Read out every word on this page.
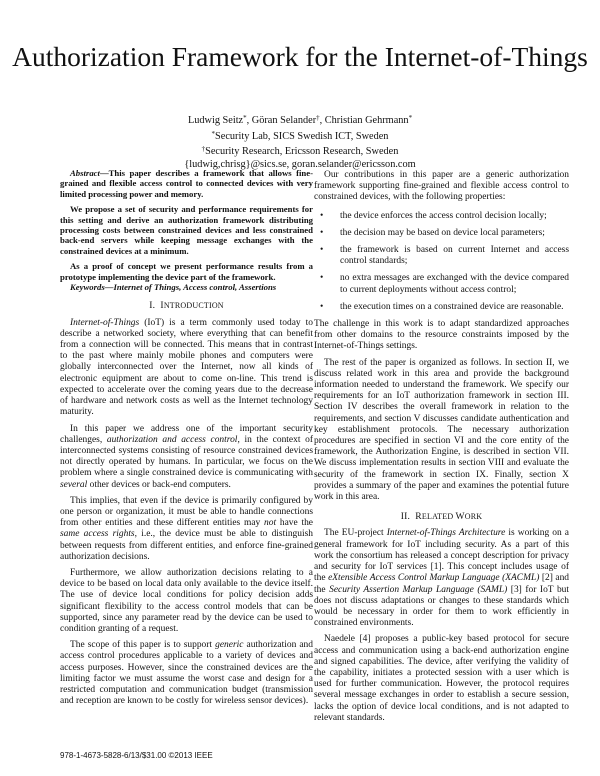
Authorization Framework for the Internet-of-Things
Ludwig Seitz*, Göran Selander†, Christian Gehrmann*
*Security Lab, SICS Swedish ICT, Sweden
†Security Research, Ericsson Research, Sweden
{ludwig,chrisg}@sics.se, goran.selander@ericsson.com

Abstract—This paper describes a framework that allows fine-grained and flexible access control to connected devices with very limited processing power and memory.

We propose a set of security and performance requirements for this setting and derive an authorization framework distributing processing costs between constrained devices and less constrained back-end servers while keeping message exchanges with the constrained devices at a minimum.

As a proof of concept we present performance results from a prototype implementing the device part of the framework.

Keywords—Internet of Things, Access control, Assertions

I. INTRODUCTION

Internet-of-Things (IoT) is a term commonly used today to describe a networked society, where everything that can benefit from a connection will be connected. This means that in contrast to the past where mainly mobile phones and computers were globally interconnected over the Internet, now all kinds of electronic equipment are about to come on-line. This trend is expected to accelerate over the coming years due to the decrease of hardware and network costs as well as the Internet technology maturity.

In this paper we address one of the important security challenges, authorization and access control, in the context of interconnected systems consisting of resource constrained devices not directly operated by humans. In particular, we focus on the problem where a single constrained device is communicating with several other devices or back-end computers.

This implies, that even if the device is primarily configured by one person or organization, it must be able to handle connections from other entities and these different entities may not have the same access rights, i.e., the device must be able to distinguish between requests from different entities, and enforce fine-grained authorization decisions.

Furthermore, we allow authorization decisions relating to a device to be based on local data only available to the device itself. The use of device local conditions for policy decision adds significant flexibility to the access control models that can be supported, since any parameter read by the device can be used to condition granting of a request.

The scope of this paper is to support generic authorization and access control procedures applicable to a variety of devices and access purposes. However, since the constrained devices are the limiting factor we must assume the worst case and design for a restricted computation and communication budget (transmission and reception are known to be costly for wireless sensor devices).

Our contributions in this paper are a generic authorization framework supporting fine-grained and flexible access control to constrained devices, with the following properties:

• the device enforces the access control decision locally;
• the decision may be based on device local parameters;
• the framework is based on current Internet and access control standards;
• no extra messages are exchanged with the device compared to current deployments without access control;
• the execution times on a constrained device are reasonable.

The challenge in this work is to adapt standardized approaches from other domains to the resource constraints imposed by the Internet-of-Things settings.

The rest of the paper is organized as follows. In section II, we discuss related work in this area and provide the background information needed to understand the framework. We specify our requirements for an IoT authorization framework in section III. Section IV describes the overall framework in relation to the requirements, and section V discusses candidate authentication and key establishment protocols. The necessary authorization procedures are specified in section VI and the core entity of the framework, the Authorization Engine, is described in section VII. We discuss implementation results in section VIII and evaluate the security of the framework in section IX. Finally, section X provides a summary of the paper and examines the potential future work in this area.

II. RELATED WORK

The EU-project Internet-of-Things Architecture is working on a general framework for IoT including security. As a part of this work the consortium has released a concept description for privacy and security for IoT services [1]. This concept includes usage of the eXtensible Access Control Markup Language (XACML) [2] and the Security Assertion Markup Language (SAML) [3] for IoT but does not discuss adaptations or changes to these standards which would be necessary in order for them to work efficiently in constrained environments.

Naedele [4] proposes a public-key based protocol for secure access and communication using a back-end authorization engine and signed capabilities. The device, after verifying the validity of the capability, initiates a protected session with a user which is used for further communication. However, the protocol requires several message exchanges in order to establish a secure session, lacks the option of device local conditions, and is not adapted to relevant standards.

978-1-4673-5828-6/13/$31.00 ©2013 IEEE
